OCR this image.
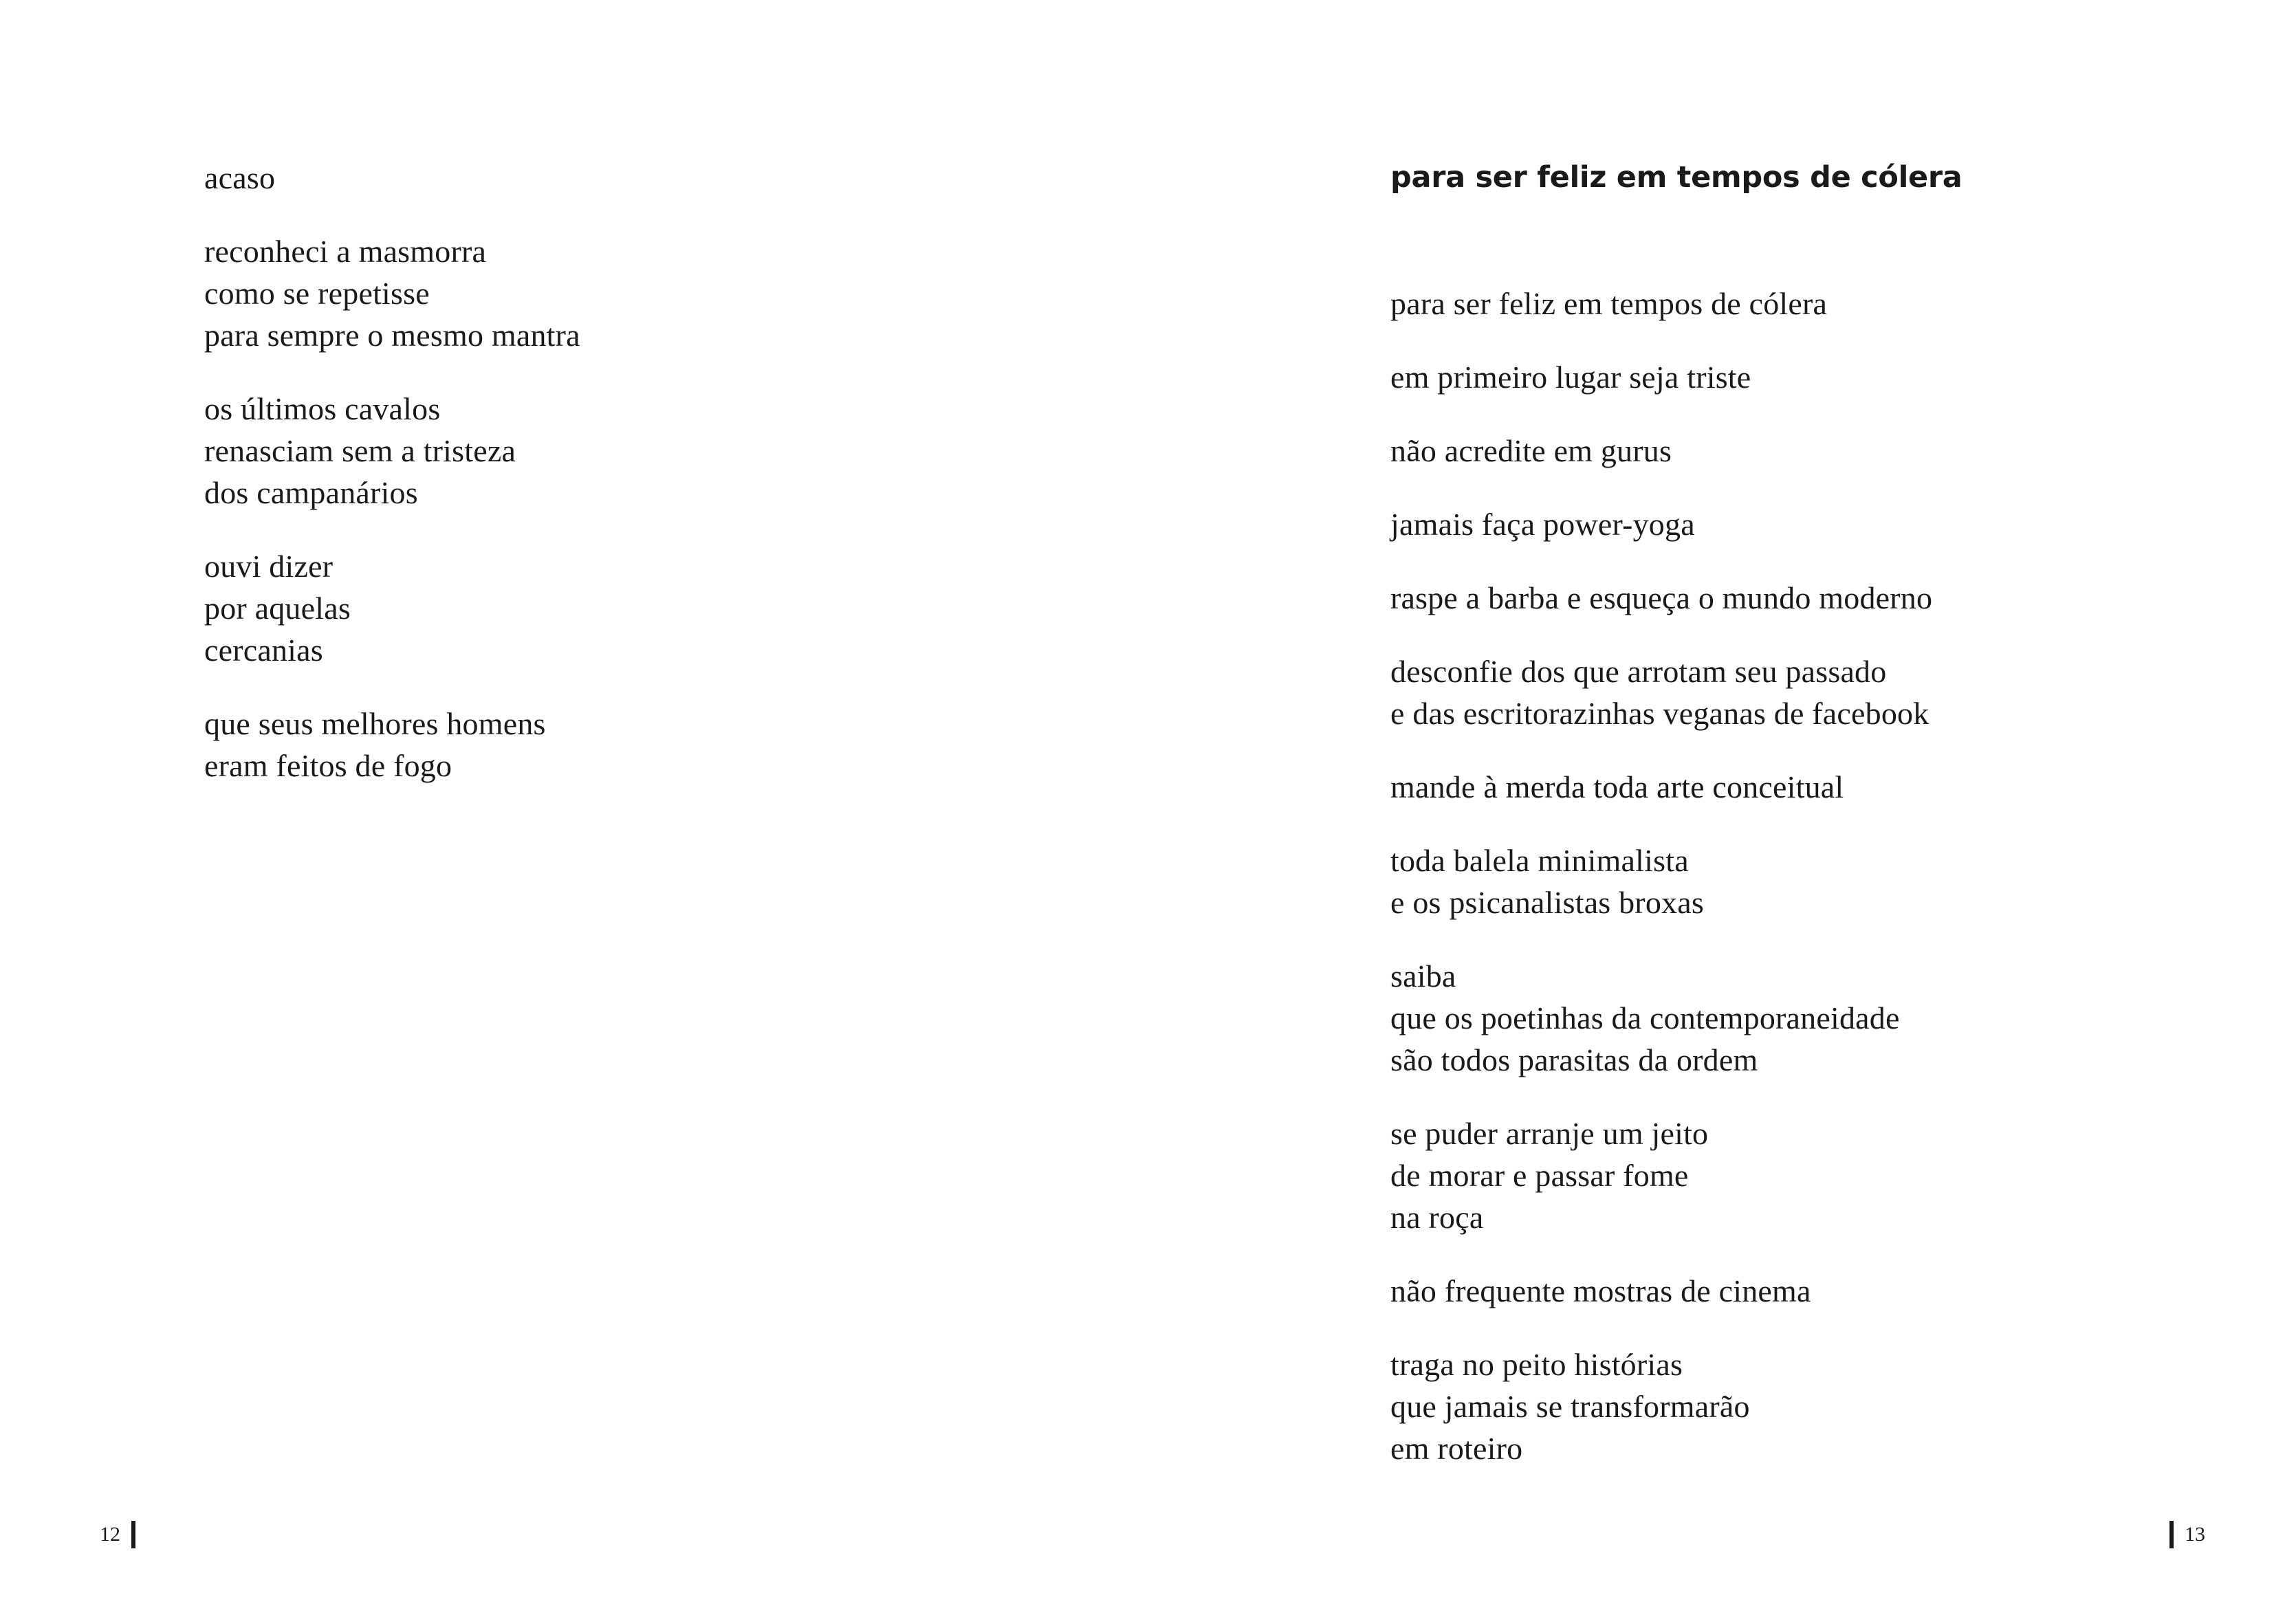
acaso

reconheci a masmorra
como se repetisse
para sempre o mesmo mantra

os últimos cavalos
renasciam sem a tristeza
dos campanários

ouvi dizer
por aquelas
cercanias

que seus melhores homens
eram feitos de fogo

12
para ser feliz em tempos de cólera

para ser feliz em tempos de cólera

em primeiro lugar seja triste

não acredite em gurus

jamais faça power-yoga

raspe a barba e esqueça o mundo moderno

desconfie dos que arrotam seu passado
e das escritorazinhas veganas de facebook

mande à merda toda arte conceitual

toda balela minimalista
e os psicanalistas broxas

saiba
que os poetinhas da contemporaneidade
são todos parasitas da ordem

se puder arranje um jeito
de morar e passar fome
na roça

não frequente mostras de cinema

traga no peito histórias
que jamais se transformarão
em roteiro

13
